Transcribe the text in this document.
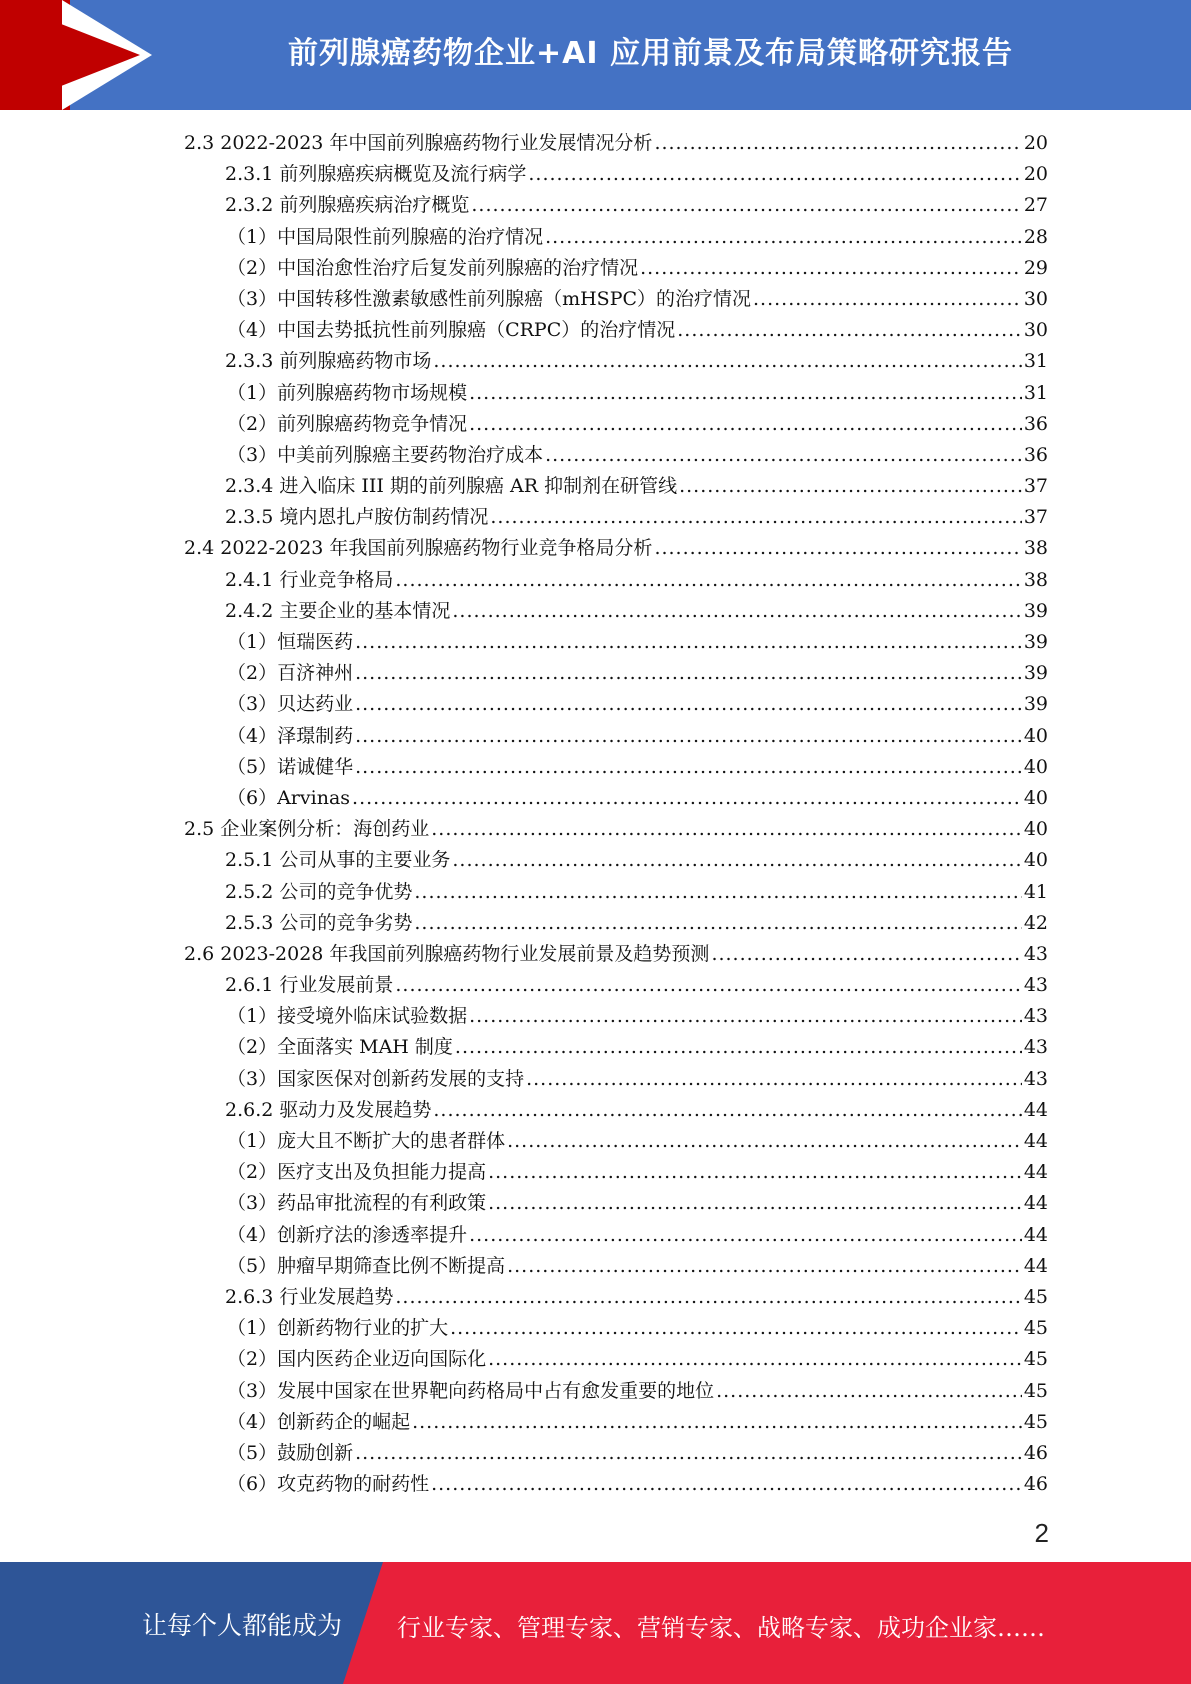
前列腺癌药物企业+AI 应用前景及布局策略研究报告
2.3 2022-2023 年中国前列腺癌药物行业发展情况分析 .....	20
2.3.1 前列腺癌疾病概览及流行病学 .....	20
2.3.2 前列腺癌疾病治疗概览 .....	27
（1）中国局限性前列腺癌的治疗情况 .....	28
（2）中国治愈性治疗后复发前列腺癌的治疗情况 .....	29
（3）中国转移性激素敏感性前列腺癌（mHSPC）的治疗情况 .....	30
（4）中国去势抵抗性前列腺癌（CRPC）的治疗情况 .....	30
2.3.3 前列腺癌药物市场 .....	31
（1）前列腺癌药物市场规模 .....	31
（2）前列腺癌药物竞争情况 .....	36
（3）中美前列腺癌主要药物治疗成本 .....	36
2.3.4 进入临床 III 期的前列腺癌 AR 抑制剂在研管线 .....	37
2.3.5 境内恩扎卢胺仿制药情况 .....	37
2.4 2022-2023 年我国前列腺癌药物行业竞争格局分析 .....	38
2.4.1 行业竞争格局 .....	38
2.4.2 主要企业的基本情况 .....	39
（1）恒瑞医药 .....	39
（2）百济神州 .....	39
（3）贝达药业 .....	39
（4）泽璟制药 .....	40
（5）诺诚健华 .....	40
（6）Arvinas .....	40
2.5 企业案例分析：海创药业 .....	40
2.5.1 公司从事的主要业务 .....	40
2.5.2 公司的竞争优势 .....	41
2.5.3 公司的竞争劣势 .....	42
2.6 2023-2028 年我国前列腺癌药物行业发展前景及趋势预测 .....	43
2.6.1 行业发展前景 .....	43
（1）接受境外临床试验数据 .....	43
（2）全面落实 MAH 制度 .....	43
（3）国家医保对创新药发展的支持 .....	43
2.6.2 驱动力及发展趋势 .....	44
（1）庞大且不断扩大的患者群体 .....	44
（2）医疗支出及负担能力提高 .....	44
（3）药品审批流程的有利政策 .....	44
（4）创新疗法的渗透率提升 .....	44
（5）肿瘤早期筛查比例不断提高 .....	44
2.6.3 行业发展趋势 .....	45
（1）创新药物行业的扩大 .....	45
（2）国内医药企业迈向国际化 .....	45
（3）发展中国家在世界靶向药格局中占有愈发重要的地位 .....	45
（4）创新药企的崛起 .....	45
（5）鼓励创新 .....	46
（6）攻克药物的耐药性 .....	46
2
让每个人都能成为 行业专家、管理专家、营销专家、战略专家、成功企业家……
